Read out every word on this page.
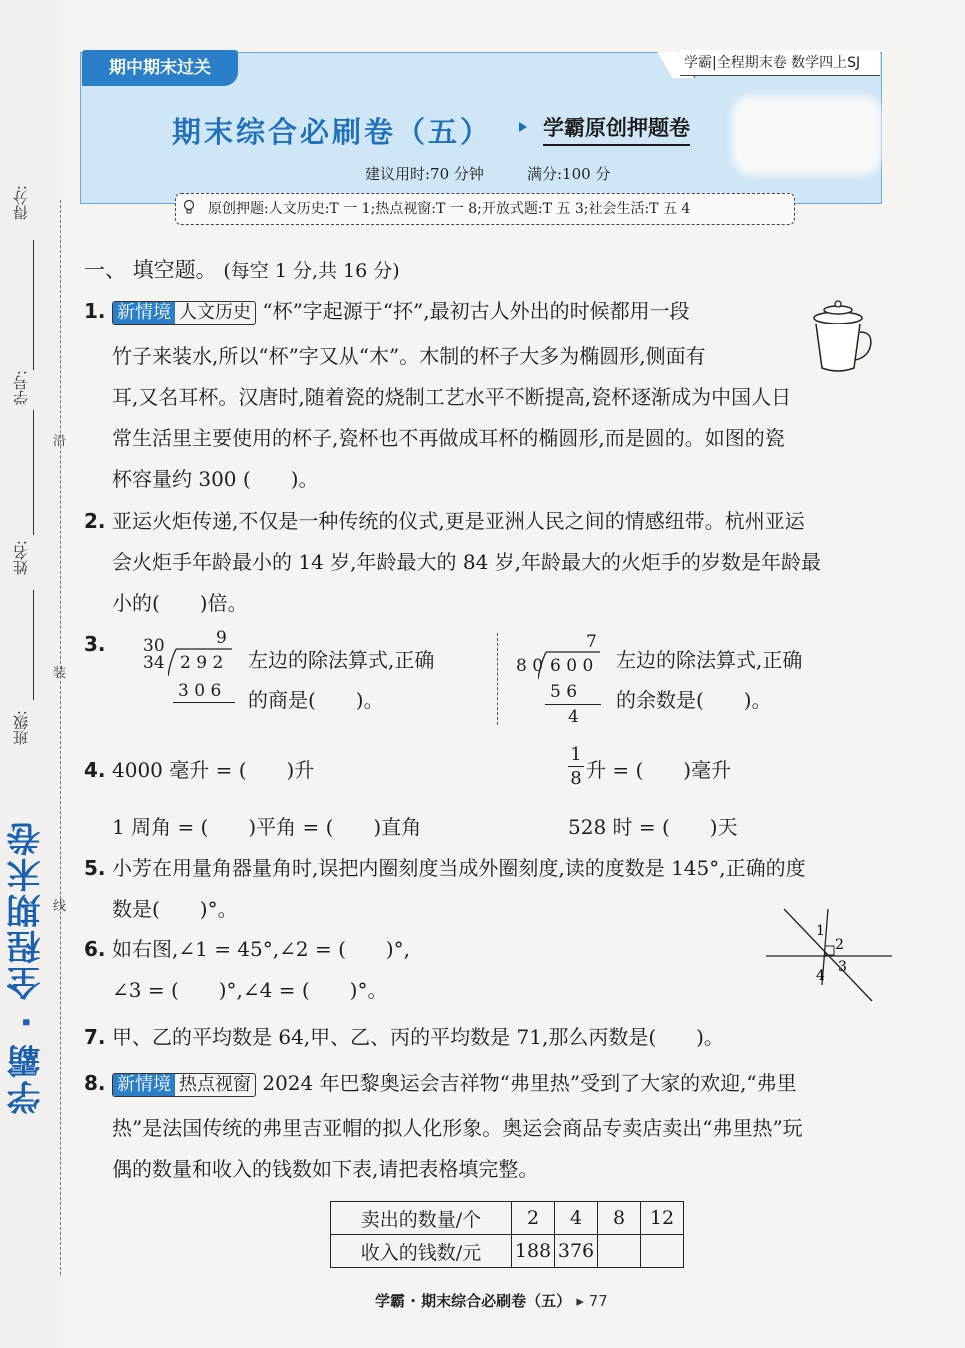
得分:
学号:
姓名:
班级:
学霸 · 全程期末卷
沿
装
线
期中期末过关	学霸|全程期末卷 数学四上SJ
期末综合必刷卷（五） 学霸原创押题卷
建议用时:70 分钟	满分:100 分
原创押题:人文历史:T 一 1;热点视窗:T 一 8;开放式题:T 五 3;社会生活:T 五 4
一、 填空题。 (每空 1 分,共 16 分)
1. 新情境 人文历史 “杯”字起源于“抔”,最初古人外出的时候都用一段
竹子来装水,所以“杯”字又从“木”。木制的杯子大多为椭圆形,侧面有
耳,又名耳杯。汉唐时,随着瓷的烧制工艺水平不断提高,瓷杯逐渐成为中国人日
常生活里主要使用的杯子,瓷杯也不再做成耳杯的椭圆形,而是圆的。如图的瓷
杯容量约 300 (　　)。
2. 亚运火炬传递,不仅是一种传统的仪式,更是亚洲人民之间的情感纽带。杭州亚运
会火炬手年龄最小的 14 岁,年龄最大的 84 岁,年龄最大的火炬手的岁数是年龄最
小的(　　)倍。
3.	9
30
34 2 9 2
3 0 6
左边的除法算式,正确
的商是(　　)。
7
8 0 6 0 0
5 6
4
左边的除法算式,正确
的余数是(　　)。
4. 4000 毫升 = (　　)升
1
8 升 = (　　)毫升
1 周角 = (　　)平角 = (　　)直角	528 时 = (　　)天
5. 小芳在用量角器量角时,误把内圈刻度当成外圈刻度,读的度数是 145°,正确的度
数是(　　)°。
6. 如右图,∠1 = 45°,∠2 = (　　)°,
∠3 = (　　)°,∠4 = (　　)°。
1
2
3
4
7. 甲、乙的平均数是 64,甲、乙、丙的平均数是 71,那么丙数是(　　)。
8. 新情境 热点视窗 2024 年巴黎奥运会吉祥物“弗里热”受到了大家的欢迎,“弗里
热”是法国传统的弗里吉亚帽的拟人化形象。奥运会商品专卖店卖出“弗里热”玩
偶的数量和收入的钱数如下表,请把表格填完整。
卖出的数量/个	2	4	8	12
收入的钱数/元	188	376		
学霸 · 期末综合必刷卷（五） ▸ 77
